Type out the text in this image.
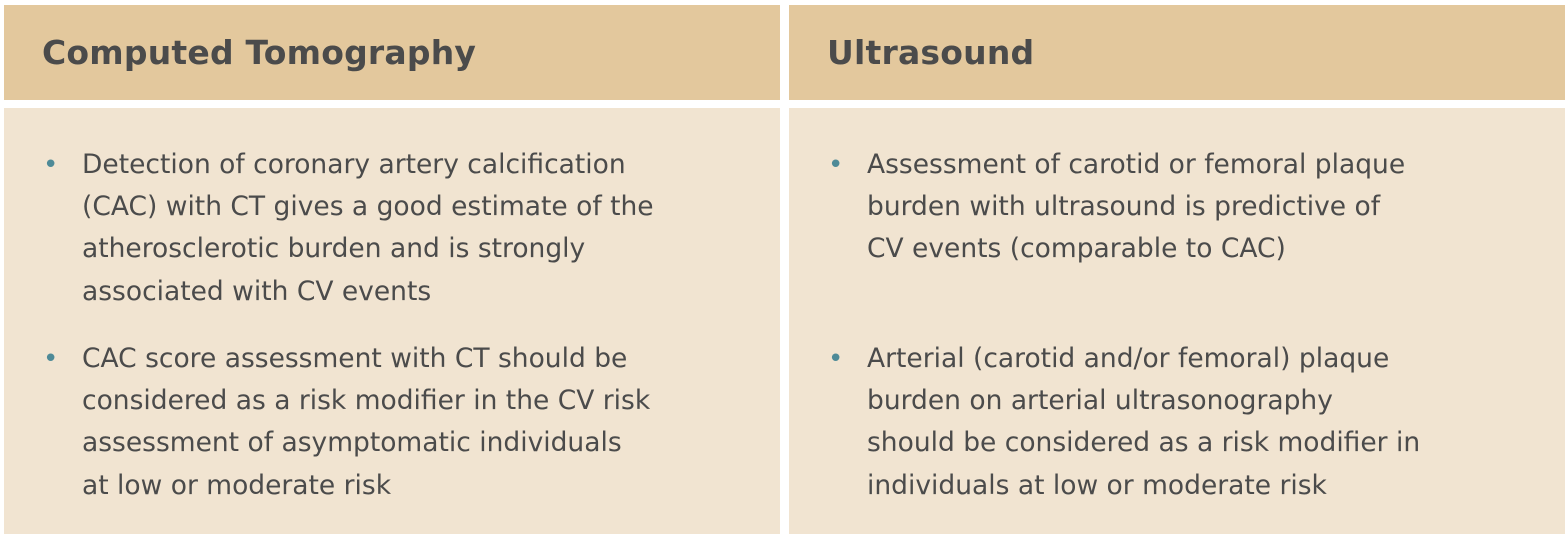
Computed Tomography
• Detection of coronary artery calcification
(CAC) with CT gives a good estimate of the
atherosclerotic burden and is strongly
associated with CV events
• CAC score assessment with CT should be
considered as a risk modifier in the CV risk
assessment of asymptomatic individuals
at low or moderate risk
Ultrasound
• Assessment of carotid or femoral plaque
burden with ultrasound is predictive of
CV events (comparable to CAC)
• Arterial (carotid and/or femoral) plaque
burden on arterial ultrasonography
should be considered as a risk modifier in
individuals at low or moderate risk
